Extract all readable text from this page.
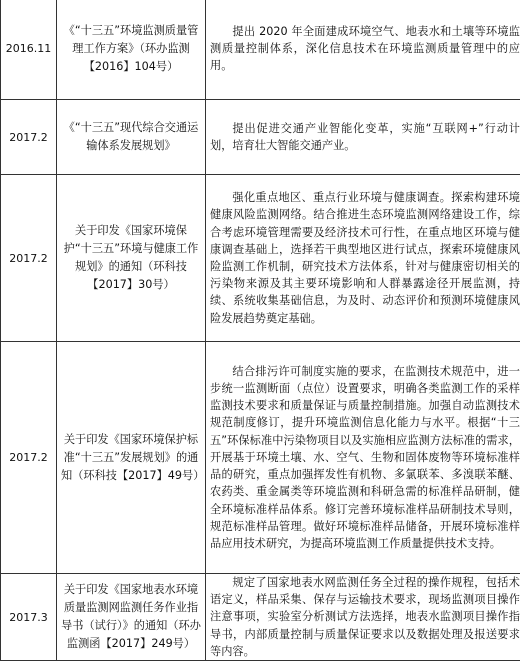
2016.11	《“十三五”环境监测质量管理工作方案》（环办监测【2016】104号）	提出 2020 年全面建成环境空气、地表水和土壤等环境监测质量控制体系，深化信息技术在环境监测质量管理中的应用。

2017.2	《“十三五”现代综合交通运输体系发展规划》	提出促进交通产业智能化变革，实施“互联网+”行动计划，培育壮大智能交通产业。

2017.2	关于印发《国家环境保护“十三五”环境与健康工作规划》的通知（环科技【2017】30号）	强化重点地区、重点行业环境与健康调查。探索构建环境健康风险监测网络。结合推进生态环境监测网络建设工作，综合考虑环境管理需要及经济技术可行性，在重点地区环境与健康调查基础上，选择若干典型地区进行试点，探索环境健康风险监测工作机制，研究技术方法体系，针对与健康密切相关的污染物来源及其主要环境影响和人群暴露途径开展监测，持续、系统收集基础信息，为及时、动态评价和预测环境健康风险发展趋势奠定基础。

2017.2	关于印发《国家环境保护标准“十三五”发展规划》的通知（环科技【2017】49号）	结合排污许可制度实施的要求，在监测技术规范中，进一步统一监测断面（点位）设置要求，明确各类监测工作的采样监测技术要求和质量保证与质量控制措施。加强自动监测技术规范制度修订，提升环境监测信息化能力与水平。根据“十三五”环保标准中污染物项目以及实施相应监测方法标准的需求，开展基于环境土壤、水、空气、生物和固体废物等环境标准样品的研究，重点加强挥发性有机物、多氯联苯、多溴联苯醚、农药类、重金属类等环境监测和科研急需的标准样品研制，健全环境标准样品体系。修订完善环境标准样品研制技术导则，规范标准样品管理。做好环境标准样品储备，开展环境标准样品应用技术研究，为提高环境监测工作质量提供技术支持。

2017.3	关于印发《国家地表水环境质量监测网监测任务作业指导书（试行）》的通知（环办监测函【2017】249号）	规定了国家地表水网监测任务全过程的操作规程，包括术语定义，样品采集、保存与运输技术要求，现场监测项目操作注意事项，实验室分析测试方法选择，地表水监测项目操作指导书，内部质量控制与质量保证要求以及数据处理及报送要求等内容。
